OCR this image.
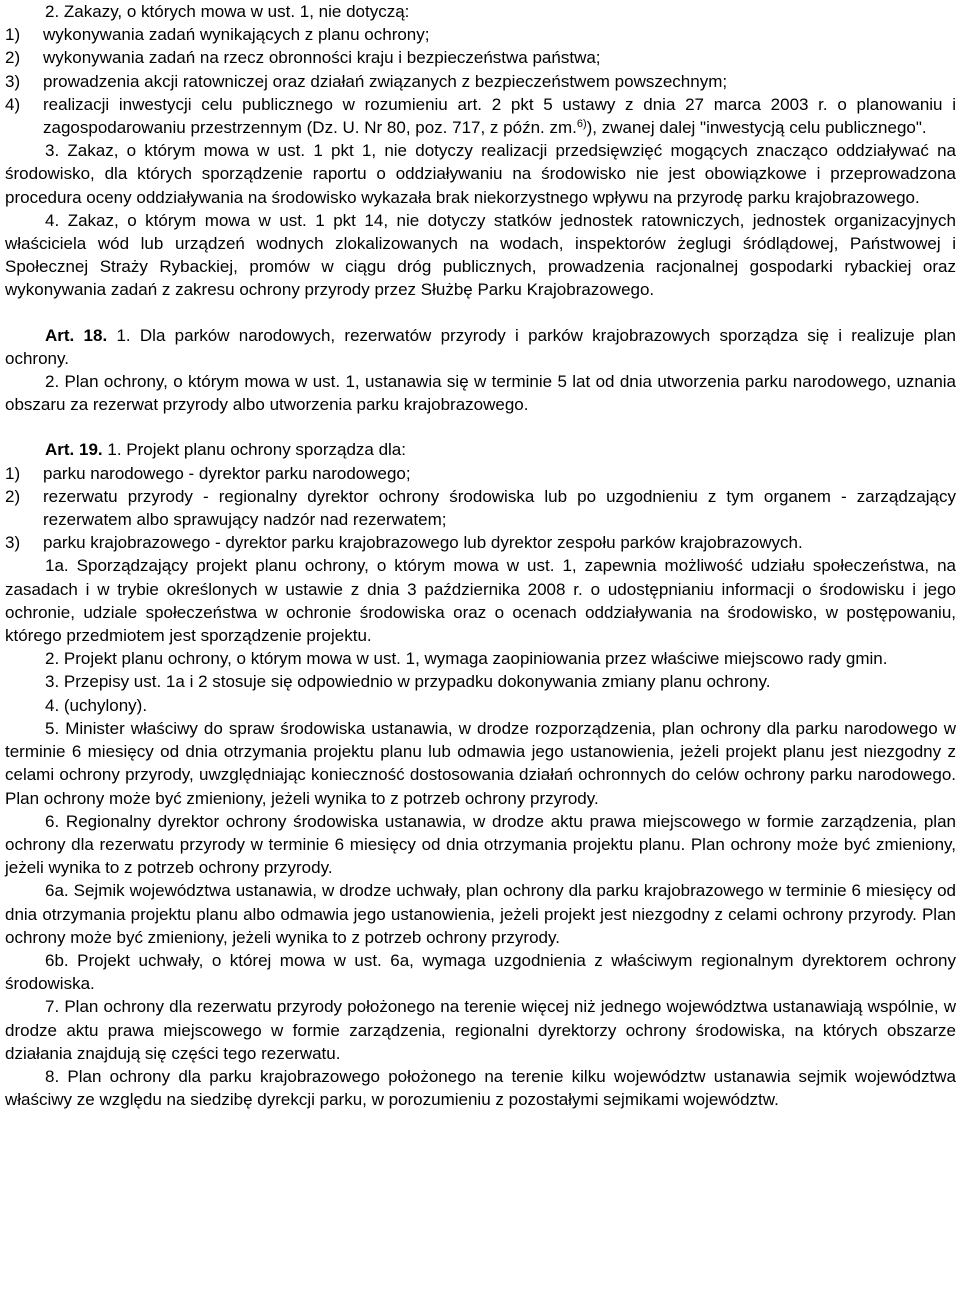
2. Zakazy, o których mowa w ust. 1, nie dotyczą:

1)	wykonywania zadań wynikających z planu ochrony;
2)	wykonywania zadań na rzecz obronności kraju i bezpieczeństwa państwa;
3)	prowadzenia akcji ratowniczej oraz działań związanych z bezpieczeństwem powszechnym;
4)	realizacji inwestycji celu publicznego w rozumieniu art. 2 pkt 5 ustawy z dnia 27 marca 2003 r. o planowaniu i zagospodarowaniu przestrzennym (Dz. U. Nr 80, poz. 717, z późn. zm.$^{6)}$), zwanej dalej "inwestycją celu publicznego".

3. Zakaz, o którym mowa w ust. 1 pkt 1, nie dotyczy realizacji przedsięwzięć mogących znacząco oddziaływać na środowisko, dla których sporządzenie raportu o oddziaływaniu na środowisko nie jest obowiązkowe i przeprowadzona procedura oceny oddziaływania na środowisko wykazała brak niekorzystnego wpływu na przyrodę parku krajobrazowego.

4. Zakaz, o którym mowa w ust. 1 pkt 14, nie dotyczy statków jednostek ratowniczych, jednostek organizacyjnych właściciela wód lub urządzeń wodnych zlokalizowanych na wodach, inspektorów żeglugi śródlądowej, Państwowej i Społecznej Straży Rybackiej, promów w ciągu dróg publicznych, prowadzenia racjonalnej gospodarki rybackiej oraz wykonywania zadań z zakresu ochrony przyrody przez Służbę Parku Krajobrazowego.

Art. 18. 1. Dla parków narodowych, rezerwatów przyrody i parków krajobrazowych sporządza się i realizuje plan ochrony.

2. Plan ochrony, o którym mowa w ust. 1, ustanawia się w terminie 5 lat od dnia utworzenia parku narodowego, uznania obszaru za rezerwat przyrody albo utworzenia parku krajobrazowego.

Art. 19. 1. Projekt planu ochrony sporządza dla:

1)	parku narodowego - dyrektor parku narodowego;
2)	rezerwatu przyrody - regionalny dyrektor ochrony środowiska lub po uzgodnieniu z tym organem - zarządzający rezerwatem albo sprawujący nadzór nad rezerwatem;
3)	parku krajobrazowego - dyrektor parku krajobrazowego lub dyrektor zespołu parków krajobrazowych.

1a. Sporządzający projekt planu ochrony, o którym mowa w ust. 1, zapewnia możliwość udziału społeczeństwa, na zasadach i w trybie określonych w ustawie z dnia 3 października 2008 r. o udostępnianiu informacji o środowisku i jego ochronie, udziale społeczeństwa w ochronie środowiska oraz o ocenach oddziaływania na środowisko, w postępowaniu, którego przedmiotem jest sporządzenie projektu.

2. Projekt planu ochrony, o którym mowa w ust. 1, wymaga zaopiniowania przez właściwe miejscowo rady gmin.

3. Przepisy ust. 1a i 2 stosuje się odpowiednio w przypadku dokonywania zmiany planu ochrony.

4. (uchylony).

5. Minister właściwy do spraw środowiska ustanawia, w drodze rozporządzenia, plan ochrony dla parku narodowego w terminie 6 miesięcy od dnia otrzymania projektu planu lub odmawia jego ustanowienia, jeżeli projekt planu jest niezgodny z celami ochrony przyrody, uwzględniając konieczność dostosowania działań ochronnych do celów ochrony parku narodowego. Plan ochrony może być zmieniony, jeżeli wynika to z potrzeb ochrony przyrody.

6. Regionalny dyrektor ochrony środowiska ustanawia, w drodze aktu prawa miejscowego w formie zarządzenia, plan ochrony dla rezerwatu przyrody w terminie 6 miesięcy od dnia otrzymania projektu planu. Plan ochrony może być zmieniony, jeżeli wynika to z potrzeb ochrony przyrody.

6a. Sejmik województwa ustanawia, w drodze uchwały, plan ochrony dla parku krajobrazowego w terminie 6 miesięcy od dnia otrzymania projektu planu albo odmawia jego ustanowienia, jeżeli projekt jest niezgodny z celami ochrony przyrody. Plan ochrony może być zmieniony, jeżeli wynika to z potrzeb ochrony przyrody.

6b. Projekt uchwały, o której mowa w ust. 6a, wymaga uzgodnienia z właściwym regionalnym dyrektorem ochrony środowiska.

7. Plan ochrony dla rezerwatu przyrody położonego na terenie więcej niż jednego województwa ustanawiają wspólnie, w drodze aktu prawa miejscowego w formie zarządzenia, regionalni dyrektorzy ochrony środowiska, na których obszarze działania znajdują się części tego rezerwatu.

8. Plan ochrony dla parku krajobrazowego położonego na terenie kilku województw ustanawia sejmik województwa właściwy ze względu na siedzibę dyrekcji parku, w porozumieniu z pozostałymi sejmikami województw.
